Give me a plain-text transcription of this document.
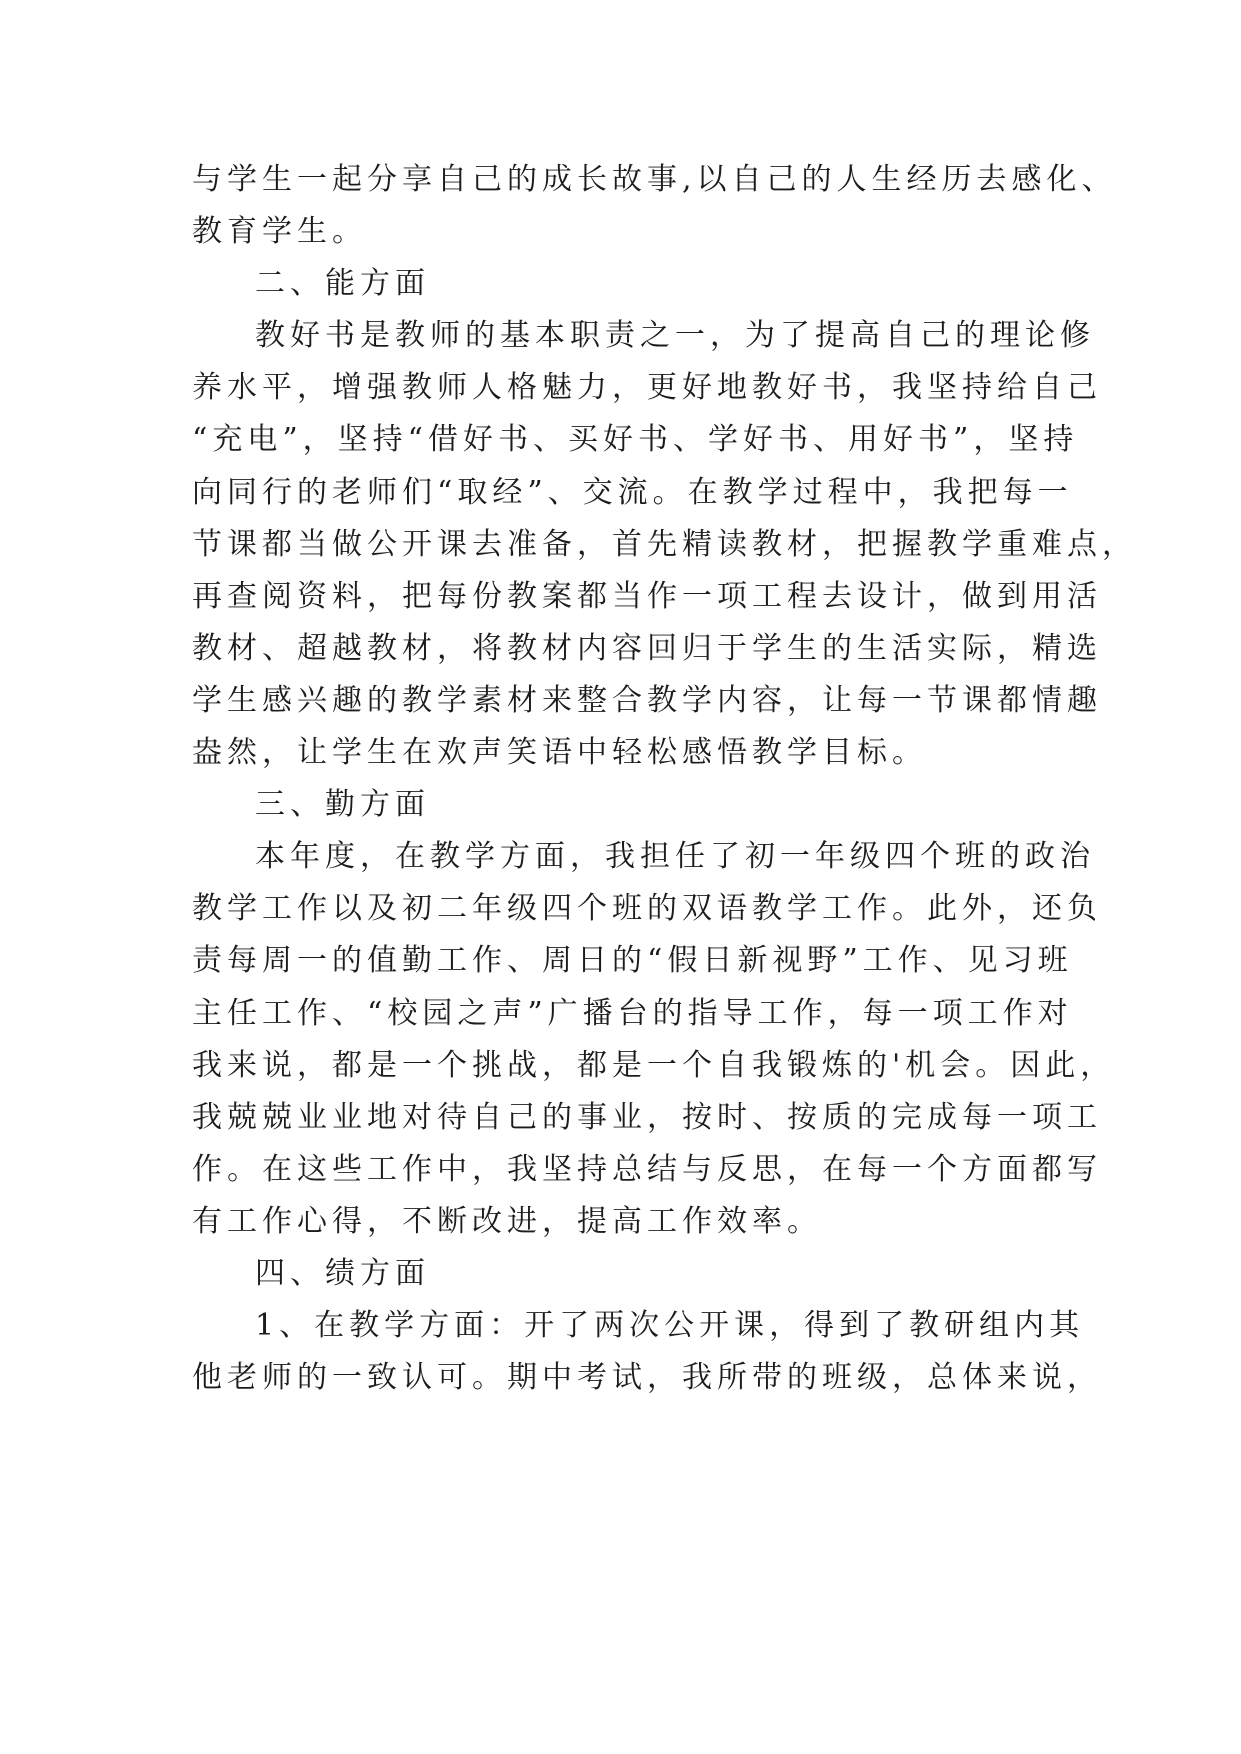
与学生一起分享自己的成长故事,以自己的人生经历去感化、
教育学生。
二、能方面
教好书是教师的基本职责之一，为了提高自己的理论修
养水平，增强教师人格魅力，更好地教好书，我坚持给自己
“充电”，坚持“借好书、买好书、学好书、用好书”，坚持
向同行的老师们“取经”、交流。在教学过程中，我把每一
节课都当做公开课去准备，首先精读教材，把握教学重难点，
再查阅资料，把每份教案都当作一项工程去设计，做到用活
教材、超越教材，将教材内容回归于学生的生活实际，精选
学生感兴趣的教学素材来整合教学内容，让每一节课都情趣
盎然，让学生在欢声笑语中轻松感悟教学目标。
三、勤方面
本年度，在教学方面，我担任了初一年级四个班的政治
教学工作以及初二年级四个班的双语教学工作。此外，还负
责每周一的值勤工作、周日的“假日新视野”工作、见习班
主任工作、“校园之声”广播台的指导工作，每一项工作对
我来说，都是一个挑战，都是一个自我锻炼的'机会。因此，
我兢兢业业地对待自己的事业，按时、按质的完成每一项工
作。在这些工作中，我坚持总结与反思，在每一个方面都写
有工作心得，不断改进，提高工作效率。
四、绩方面
1、在教学方面：开了两次公开课，得到了教研组内其
他老师的一致认可。期中考试，我所带的班级，总体来说，
